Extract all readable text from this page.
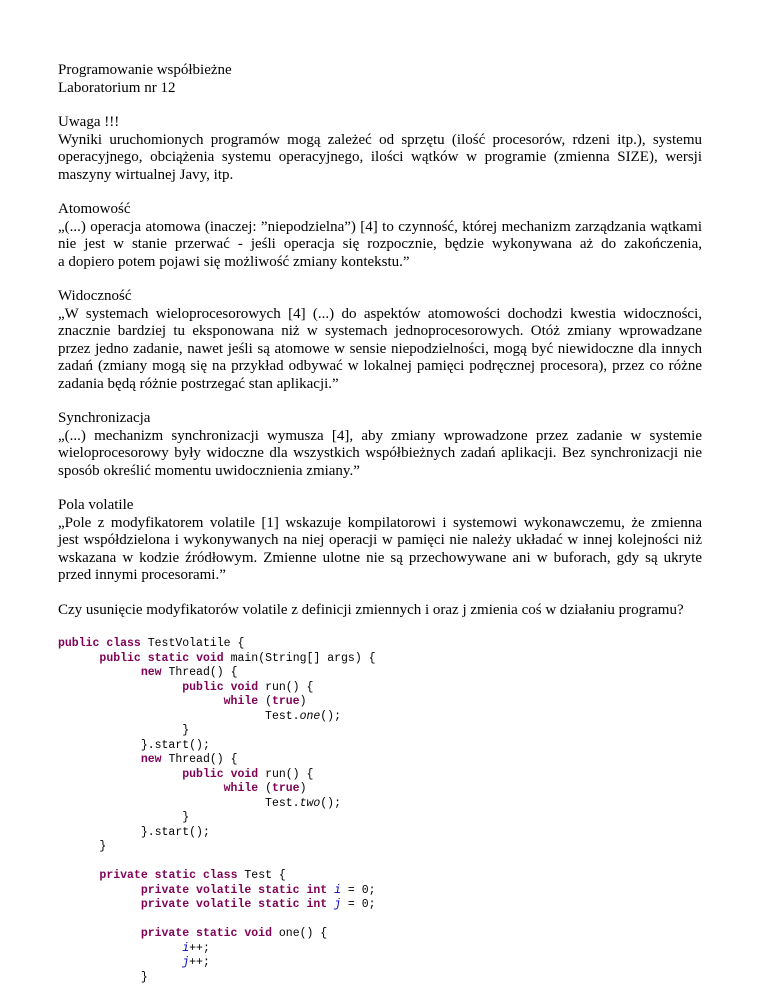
Programowanie współbieżne
Laboratorium nr 12
Uwaga !!!
Wyniki uruchomionych programów mogą zależeć od sprzętu (ilość procesorów, rdzeni itp.), systemu
operacyjnego, obciążenia systemu operacyjnego, ilości wątków w programie (zmienna SIZE), wersji
maszyny wirtualnej Javy, itp.
Atomowość
„(...) operacja atomowa (inaczej: ”niepodzielna”) [4] to czynność, której mechanizm zarządzania wątkami
nie jest w stanie przerwać - jeśli operacja się rozpocznie, będzie wykonywana aż do zakończenia,
a dopiero potem pojawi się możliwość zmiany kontekstu.”
Widoczność
„W systemach wieloprocesorowych [4] (...) do aspektów atomowości dochodzi kwestia widoczności,
znacznie bardziej tu eksponowana niż w systemach jednoprocesorowych. Otóż zmiany wprowadzane
przez jedno zadanie, nawet jeśli są atomowe w sensie niepodzielności, mogą być niewidoczne dla innych
zadań (zmiany mogą się na przykład odbywać w lokalnej pamięci podręcznej procesora), przez co różne
zadania będą różnie postrzegać stan aplikacji.”
Synchronizacja
„(...) mechanizm synchronizacji wymusza [4], aby zmiany wprowadzone przez zadanie w systemie
wieloprocesorowy były widoczne dla wszystkich współbieżnych zadań aplikacji. Bez synchronizacji nie
sposób określić momentu uwidocznienia zmiany.”
Pola volatile
„Pole z modyfikatorem volatile [1] wskazuje kompilatorowi i systemowi wykonawczemu, że zmienna
jest współdzielona i wykonywanych na niej operacji w pamięci nie należy układać w innej kolejności niż
wskazana w kodzie źródłowym. Zmienne ulotne nie są przechowywane ani w buforach, gdy są ukryte
przed innymi procesorami.”
Czy usunięcie modyfikatorów volatile z definicji zmiennych i oraz j zmienia coś w działaniu programu?
public class TestVolatile {
public static void main(String[] args) {
new Thread() {
public void run() {
while (true)
Test.one();
}
}.start();
new Thread() {
public void run() {
while (true)
Test.two();
}
}.start();
}

private static class Test {
private volatile static int i = 0;
private volatile static int j = 0;

private static void one() {
i++;
j++;
}
